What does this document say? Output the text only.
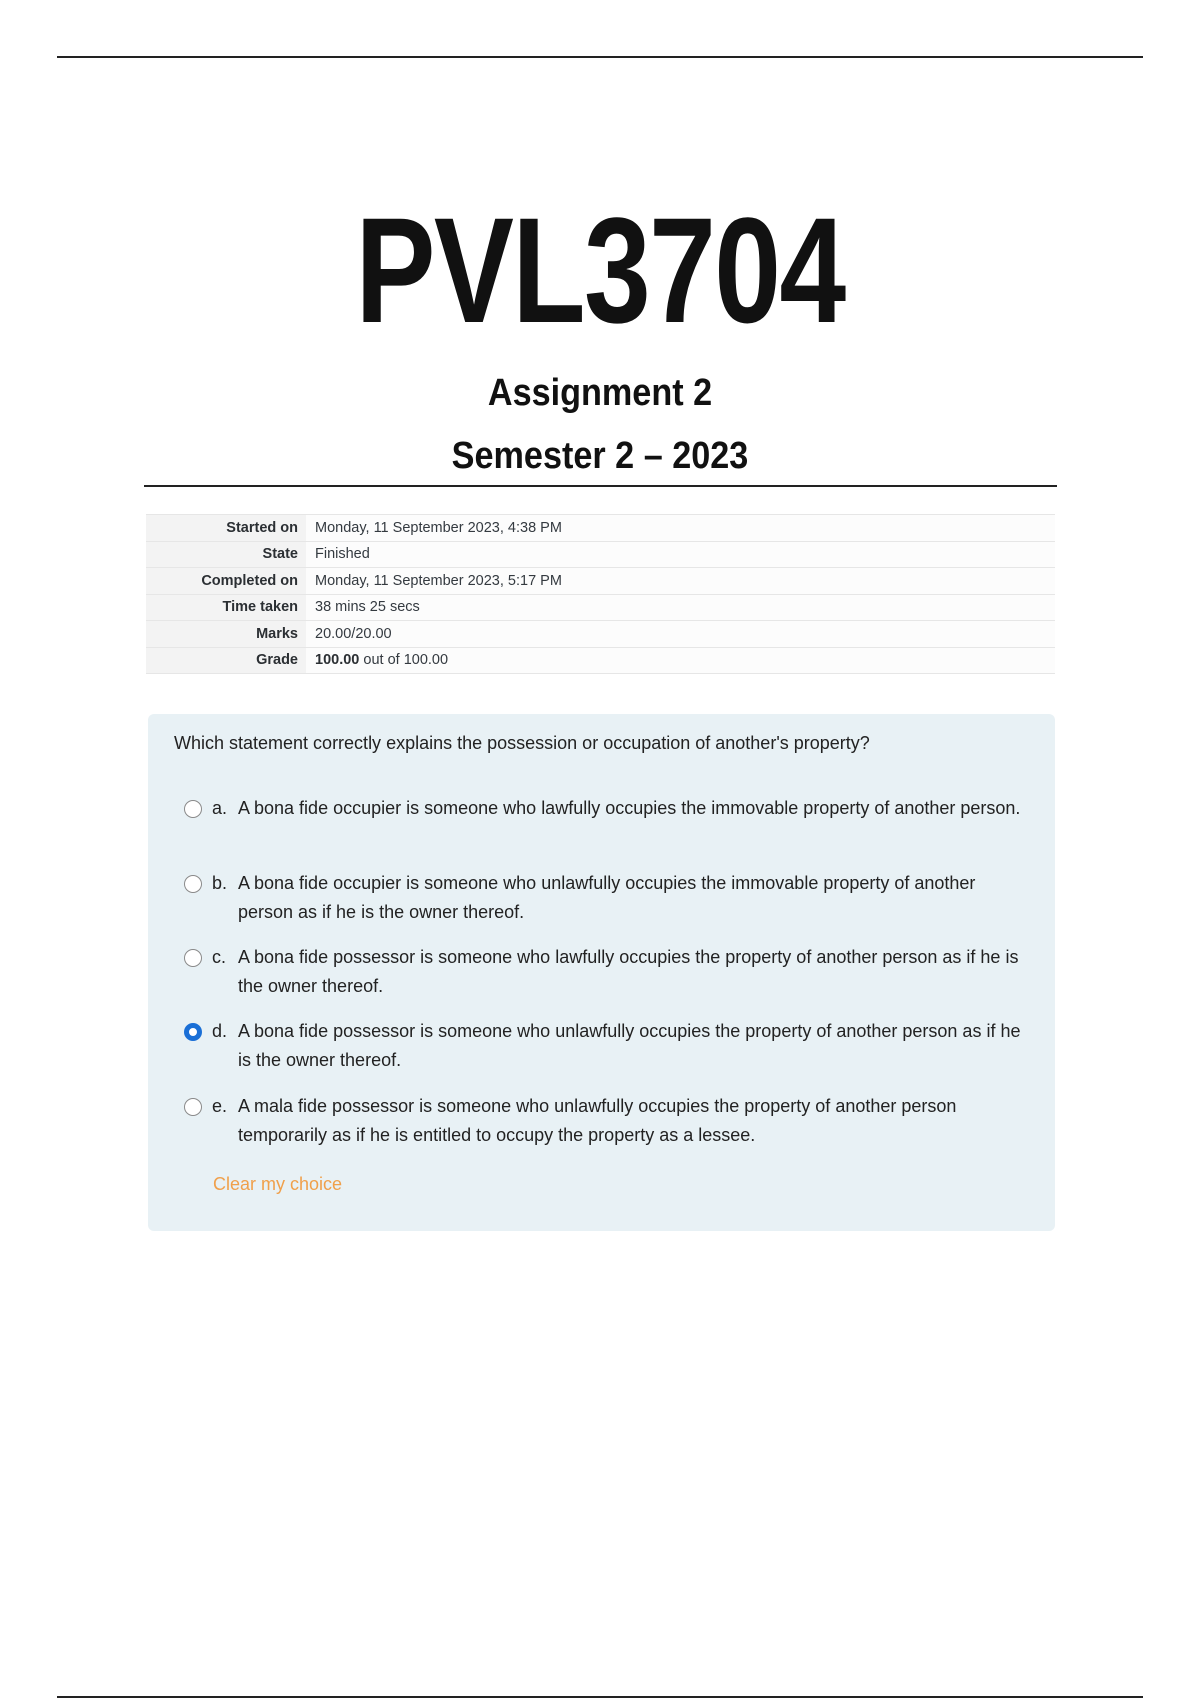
PVL3704
Assignment 2
Semester 2 – 2023
Started on	Monday, 11 September 2023, 4:38 PM
State	Finished
Completed on	Monday, 11 September 2023, 5:17 PM
Time taken	38 mins 25 secs
Marks	20.00/20.00
Grade	100.00 out of 100.00
Which statement correctly explains the possession or occupation of another's property?
a. A bona fide occupier is someone who lawfully occupies the immovable property of another person.
b. A bona fide occupier is someone who unlawfully occupies the immovable property of another person as if he is the owner thereof.
c. A bona fide possessor is someone who lawfully occupies the property of another person as if he is the owner thereof.
d. A bona fide possessor is someone who unlawfully occupies the property of another person as if he is the owner thereof.
e. A mala fide possessor is someone who unlawfully occupies the property of another person temporarily as if he is entitled to occupy the property as a lessee.
Clear my choice
